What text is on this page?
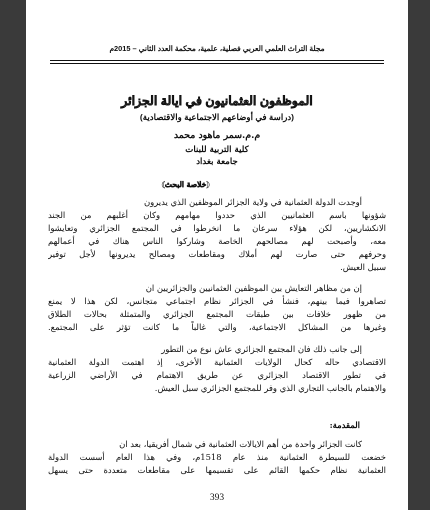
مجلة التراث العلمي العربي فصلية، علمية، محكمة العدد الثاني – 2015م
الموظفون العثمانيون في ايالة الجزائر
(دراسة في أوضاعهم الاجتماعية والاقتصادية)
م.م.سمر ماهود محمد
كلية التربية للبنات
جامعة بغداد
(خلاصة البحث)
أوجدت الدولة العثمانية في ولاية الجزائر الموظفين الذي يديرون
شؤونها باسم العثمانيين الذي حددوا مهامهم وكان أغلبهم من الجند
الانكشاريين، لكن هؤلاء سرعان ما انخرطوا في المجتمع الجزائري وتعايشوا
معه، وأصبحت لهم مصالحهم الخاصة وشاركوا الناس هناك في أعمالهم
وحرفهم حتى صارت لهم أملاك ومقاطعات ومصالح يديرونها لأجل توفير
سبيل العيش.
إن من مظاهر التعايش بين الموظفين العثمانيين والجزائريين ان
تصاهروا فيما بينهم، فنشأ في الجزائر نظام اجتماعي متجانس، لكن هذا لا يمنع
من ظهور خلافات بين طبقات المجتمع الجزائري والمتمثلة بحالات الطلاق
وغيرها من المشاكل الاجتماعية، والتي غالباً ما كانت تؤثر على المجتمع.
إلى جانب ذلك فان المجتمع الجزائري عاش نوع من التطور
الاقتصادي حاله كحال الولايات العثمانية الأخرى، إذ اهتمت الدولة العثمانية
في تطور الاقتصاد الجزائري عن طريق الاهتمام في الأراضي الزراعية
والاهتمام بالجانب التجاري الذي وفر للمجتمع الجزائري سبل العيش.
المقدمة:
كانت الجزائر واحدة من أهم الايالات العثمانية في شمال أفريقيا، بعد ان
خضعت للسيطرة العثمانية منذ عام 1518م، وفي هذا العام أسست الدولة
العثمانية نظام حكمها القائم على تقسيمها على مقاطعات متعددة حتى يسهل
393
